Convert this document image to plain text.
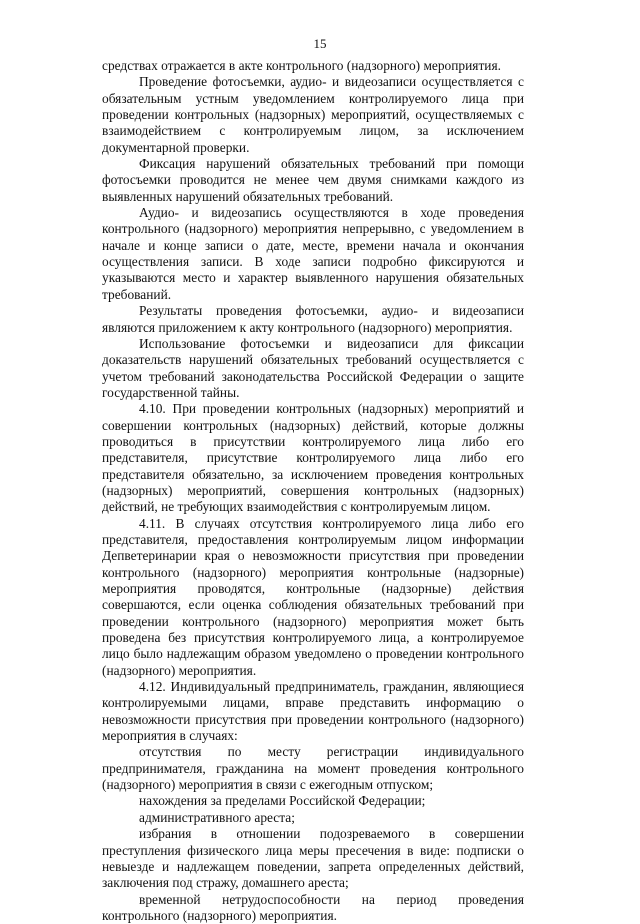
15

средствах отражается в акте контрольного (надзорного) мероприятия.

Проведение фотосъемки, аудио- и видеозаписи осуществляется с обязательным устным уведомлением контролируемого лица при проведении контрольных (надзорных) мероприятий, осуществляемых с взаимодействием с контролируемым лицом, за исключением документарной проверки.

Фиксация нарушений обязательных требований при помощи фотосъемки проводится не менее чем двумя снимками каждого из выявленных нарушений обязательных требований.

Аудио- и видеозапись осуществляются в ходе проведения контрольного (надзорного) мероприятия непрерывно, с уведомлением в начале и конце записи о дате, месте, времени начала и окончания осуществления записи. В ходе записи подробно фиксируются и указываются место и характер выявленного нарушения обязательных требований.

Результаты проведения фотосъемки, аудио- и видеозаписи являются приложением к акту контрольного (надзорного) мероприятия.

Использование фотосъемки и видеозаписи для фиксации доказательств нарушений обязательных требований осуществляется с учетом требований законодательства Российской Федерации о защите государственной тайны.

4.10. При проведении контрольных (надзорных) мероприятий и совершении контрольных (надзорных) действий, которые должны проводиться в присутствии контролируемого лица либо его представителя, присутствие контролируемого лица либо его представителя обязательно, за исключением проведения контрольных (надзорных) мероприятий, совершения контрольных (надзорных) действий, не требующих взаимодействия с контролируемым лицом.

4.11. В случаях отсутствия контролируемого лица либо его представителя, предоставления контролируемым лицом информации Депветеринарии края о невозможности присутствия при проведении контрольного (надзорного) мероприятия контрольные (надзорные) мероприятия проводятся, контрольные (надзорные) действия совершаются, если оценка соблюдения обязательных требований при проведении контрольного (надзорного) мероприятия может быть проведена без присутствия контролируемого лица, а контролируемое лицо было надлежащим образом уведомлено о проведении контрольного (надзорного) мероприятия.

4.12. Индивидуальный предприниматель, гражданин, являющиеся контролируемыми лицами, вправе представить информацию о невозможности присутствия при проведении контрольного (надзорного) мероприятия в случаях:

отсутствия по месту регистрации индивидуального предпринимателя, гражданина на момент проведения контрольного (надзорного) мероприятия в связи с ежегодным отпуском;

нахождения за пределами Российской Федерации;

административного ареста;

избрания в отношении подозреваемого в совершении преступления физического лица меры пресечения в виде: подписки о невыезде и надлежащем поведении, запрета определенных действий, заключения под стражу, домашнего ареста;

временной нетрудоспособности на период проведения контрольного (надзорного) мероприятия.
